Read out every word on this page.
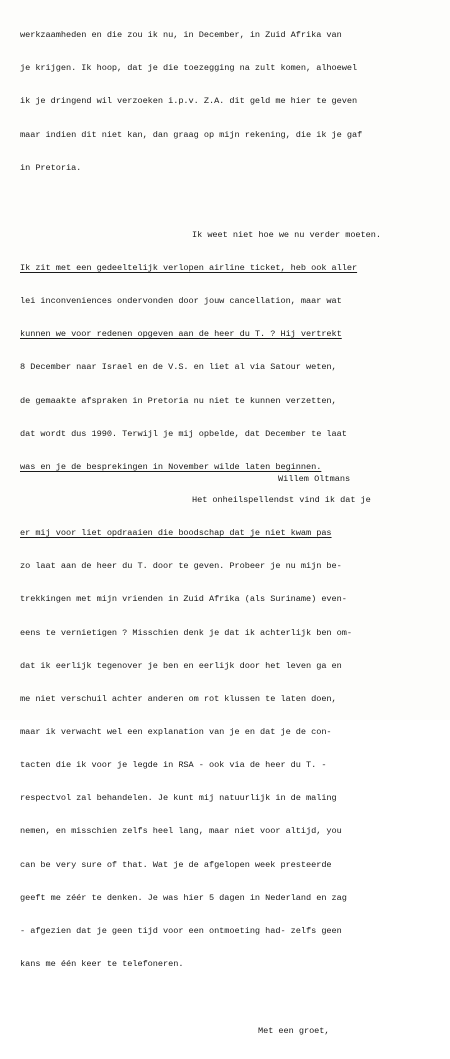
werkzaamheden en die zou ik nu, in December, in Zuid Afrika van

je krijgen. Ik hoop, dat je die toezegging na zult komen, alhoewel

ik je dringend wil verzoeken i.p.v. Z.A. dit geld me hier te geven

maar indien dit niet kan, dan graag op mijn rekening, die ik je gaf

in Pretoria.

Ik weet niet hoe we nu verder moeten.

Ik zit met een gedeeltelijk verlopen airline ticket, heb ook aller

lei inconveniences ondervonden door jouw cancellation, maar wat

kunnen we voor redenen opgeven aan de heer du T. ? Hij vertrekt

8 December naar Israel en de V.S. en liet al via Satour weten,

de gemaakte afspraken in Pretoria nu niet te kunnen verzetten,

dat wordt dus 1990. Terwijl je mij opbelde, dat December te laat

was en je de besprekingen in November wilde laten beginnen.

Het onheilspellendst vind ik dat je

er mij voor liet opdraaien die boodschap dat je niet kwam pas

zo laat aan de heer du T. door te geven. Probeer je nu mijn be-

trekkingen met mijn vrienden in Zuid Afrika (als Suriname) even-

eens te vernietigen ? Misschien denk je dat ik achterlijk ben om-

dat ik eerlijk tegenover je ben en eerlijk door het leven ga en

me niet verschuil achter anderen om rot klussen te laten doen,

maar ik verwacht wel een explanation van je en dat je de con-

tacten die ik voor je legde in RSA - ook via de heer du T. -

respectvol zal behandelen. Je kunt mij natuurlijk in de maling

nemen, en misschien zelfs heel lang, maar niet voor altijd, you

can be very sure of that. Wat je de afgelopen week presteerde

geeft me zéér te denken. Je was hier 5 dagen in Nederland en zag

- afgezien dat je geen tijd voor een ontmoeting had- zelfs geen

kans me één keer te telefoneren.

Met een groet,

Willem Oltmans
